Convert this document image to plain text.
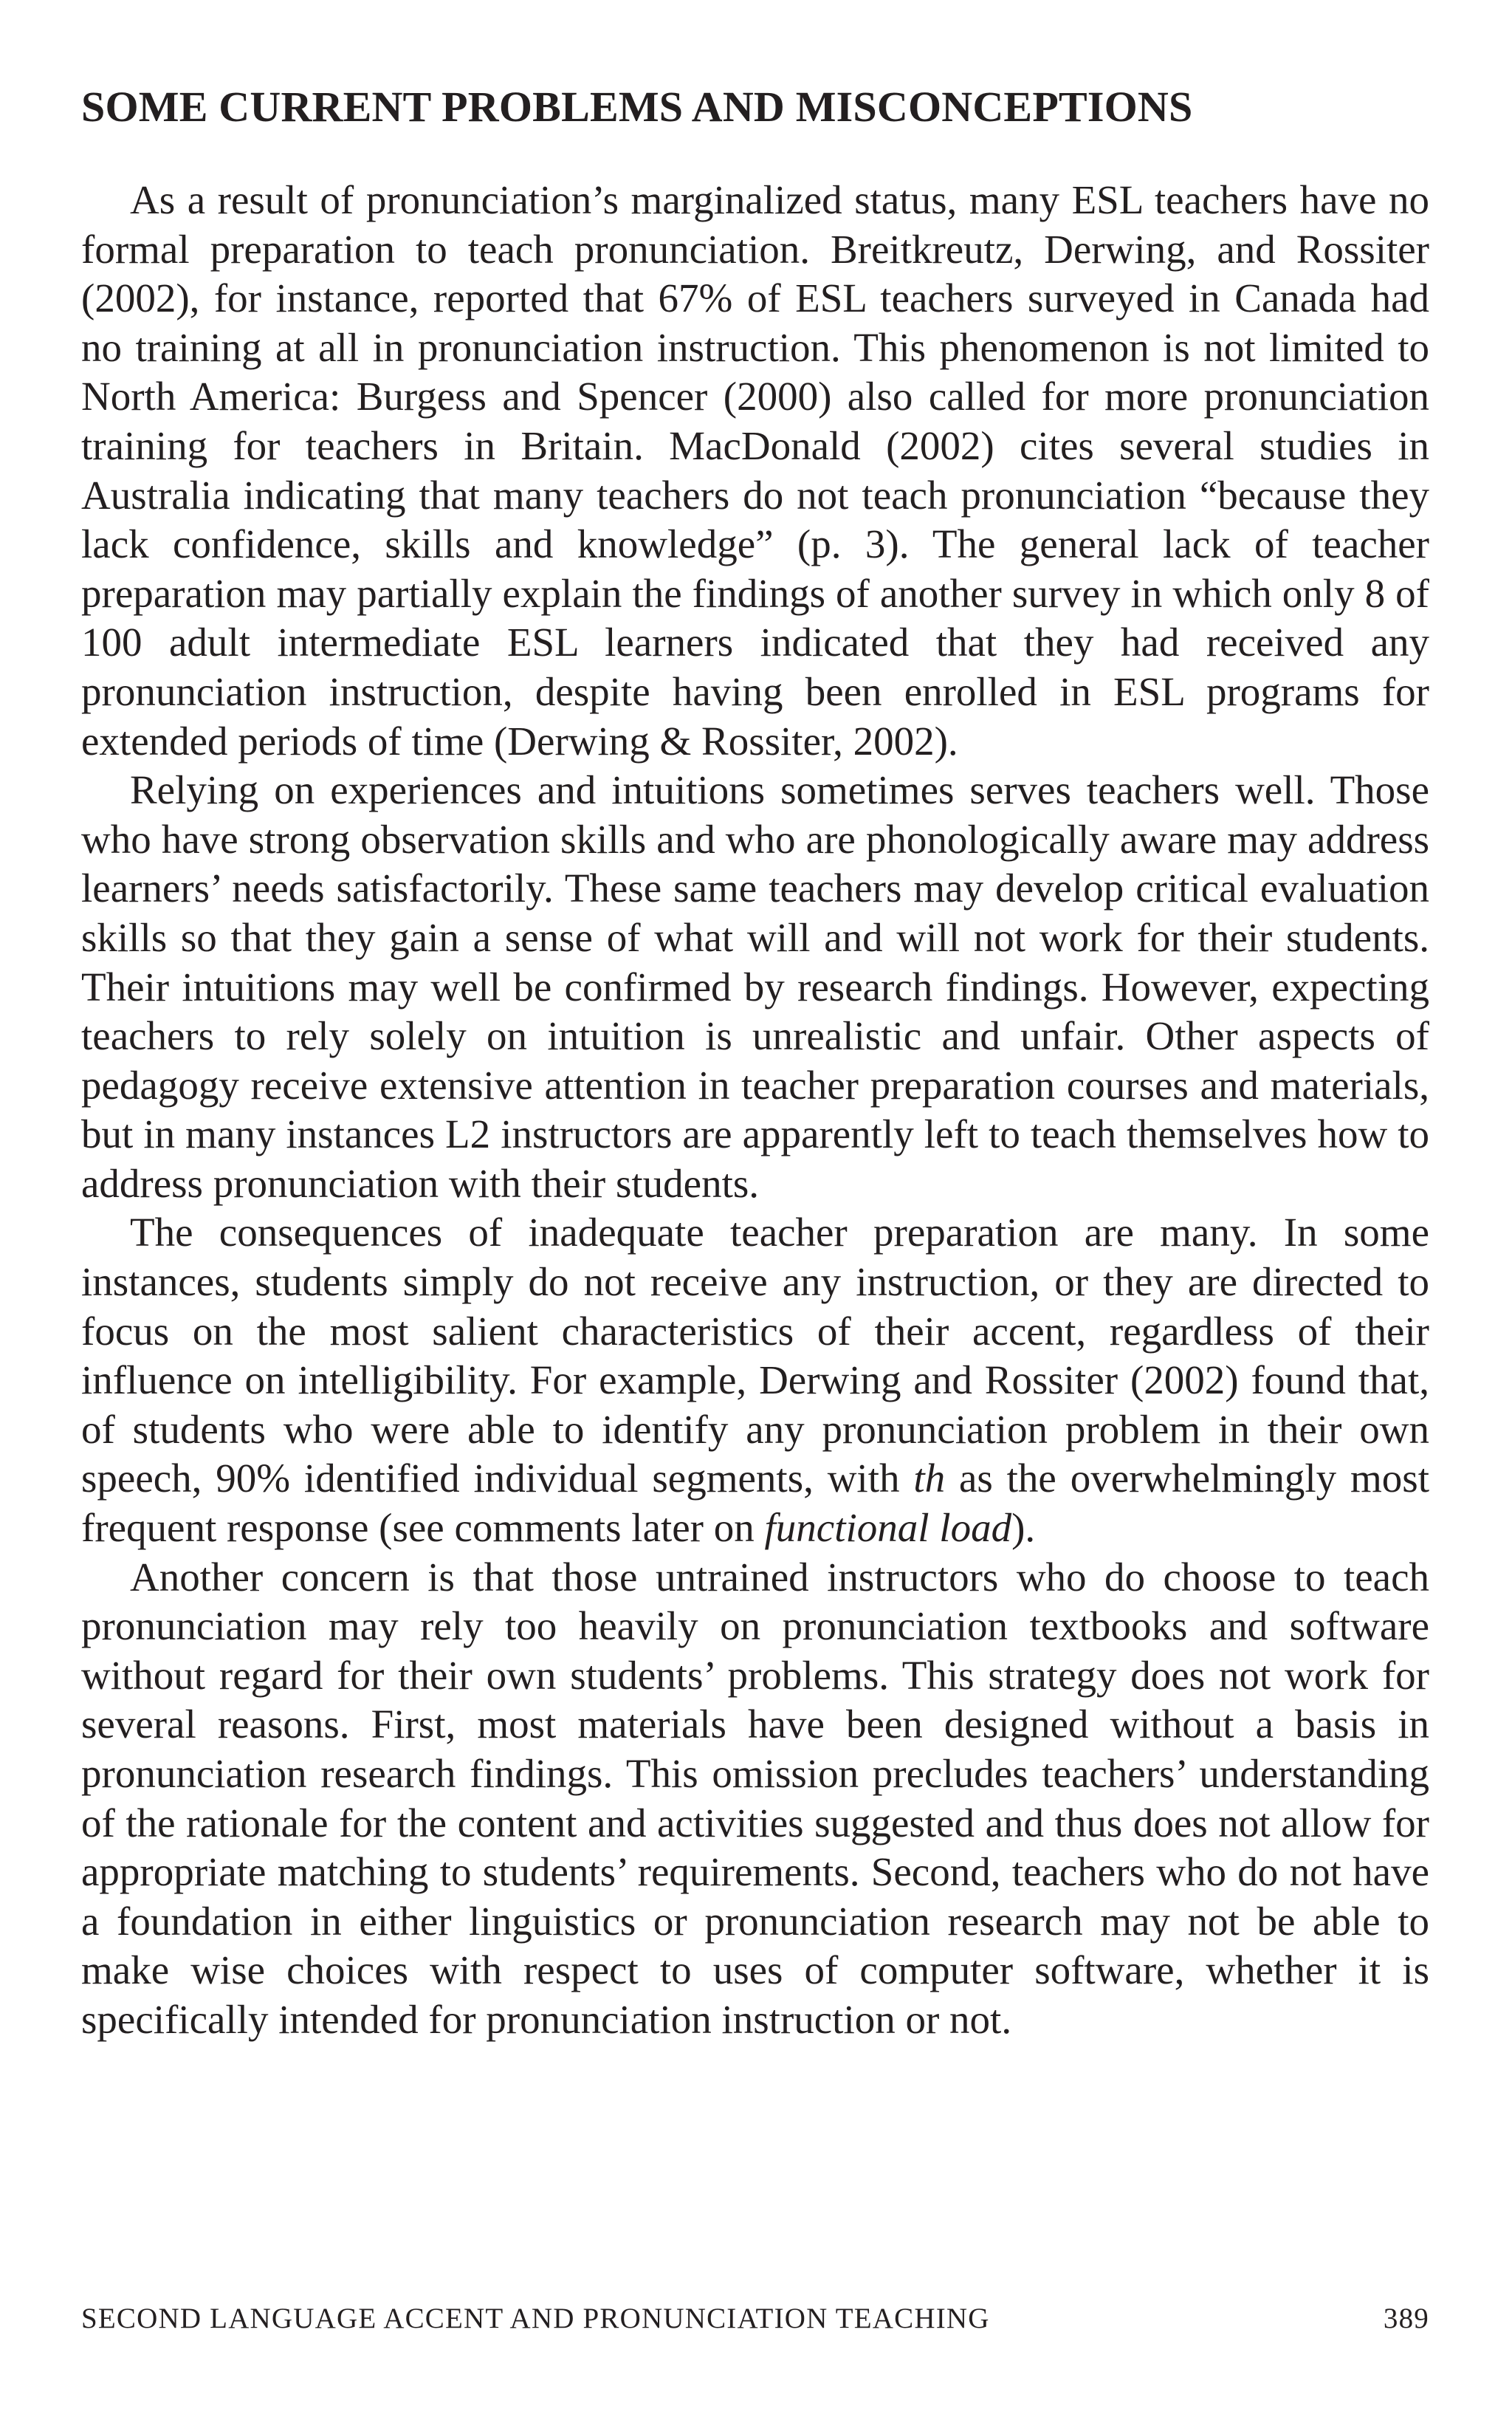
SOME CURRENT PROBLEMS AND MISCONCEPTIONS

As a result of pronunciation’s marginalized status, many ESL teachers have no formal preparation to teach pronunciation. Breitkreutz, Derwing, and Rossiter (2002), for instance, reported that 67% of ESL teachers surveyed in Canada had no training at all in pronunciation instruction. This phenomenon is not limited to North America: Burgess and Spencer (2000) also called for more pronunciation training for teachers in Britain. MacDonald (2002) cites several studies in Australia indicating that many teachers do not teach pronunciation “because they lack confidence, skills and knowledge” (p. 3). The general lack of teacher preparation may partially explain the findings of another survey in which only 8 of 100 adult intermediate ESL learners indicated that they had received any pronunciation instruction, despite having been enrolled in ESL programs for extended periods of time (Derwing & Rossiter, 2002).

Relying on experiences and intuitions sometimes serves teachers well. Those who have strong observation skills and who are phonologically aware may address learners’ needs satisfactorily. These same teachers may develop critical evaluation skills so that they gain a sense of what will and will not work for their students. Their intuitions may well be confirmed by research findings. However, expecting teachers to rely solely on intuition is unrealistic and unfair. Other aspects of pedagogy receive extensive attention in teacher preparation courses and materials, but in many instances L2 instructors are apparently left to teach themselves how to address pronunciation with their students.

The consequences of inadequate teacher preparation are many. In some instances, students simply do not receive any instruction, or they are directed to focus on the most salient characteristics of their accent, regardless of their influence on intelligibility. For example, Derwing and Rossiter (2002) found that, of students who were able to identify any pronunciation problem in their own speech, 90% identified individual segments, with th as the overwhelmingly most frequent response (see comments later on functional load).

Another concern is that those untrained instructors who do choose to teach pronunciation may rely too heavily on pronunciation textbooks and software without regard for their own students’ problems. This strategy does not work for several reasons. First, most materials have been designed without a basis in pronunciation research findings. This omission precludes teachers’ understanding of the rationale for the content and activities suggested and thus does not allow for appropriate matching to students’ requirements. Second, teachers who do not have a foundation in either linguistics or pronunciation research may not be able to make wise choices with respect to uses of computer software, whether it is specifically intended for pronunciation instruction or not.

SECOND LANGUAGE ACCENT AND PRONUNCIATION TEACHING	389
